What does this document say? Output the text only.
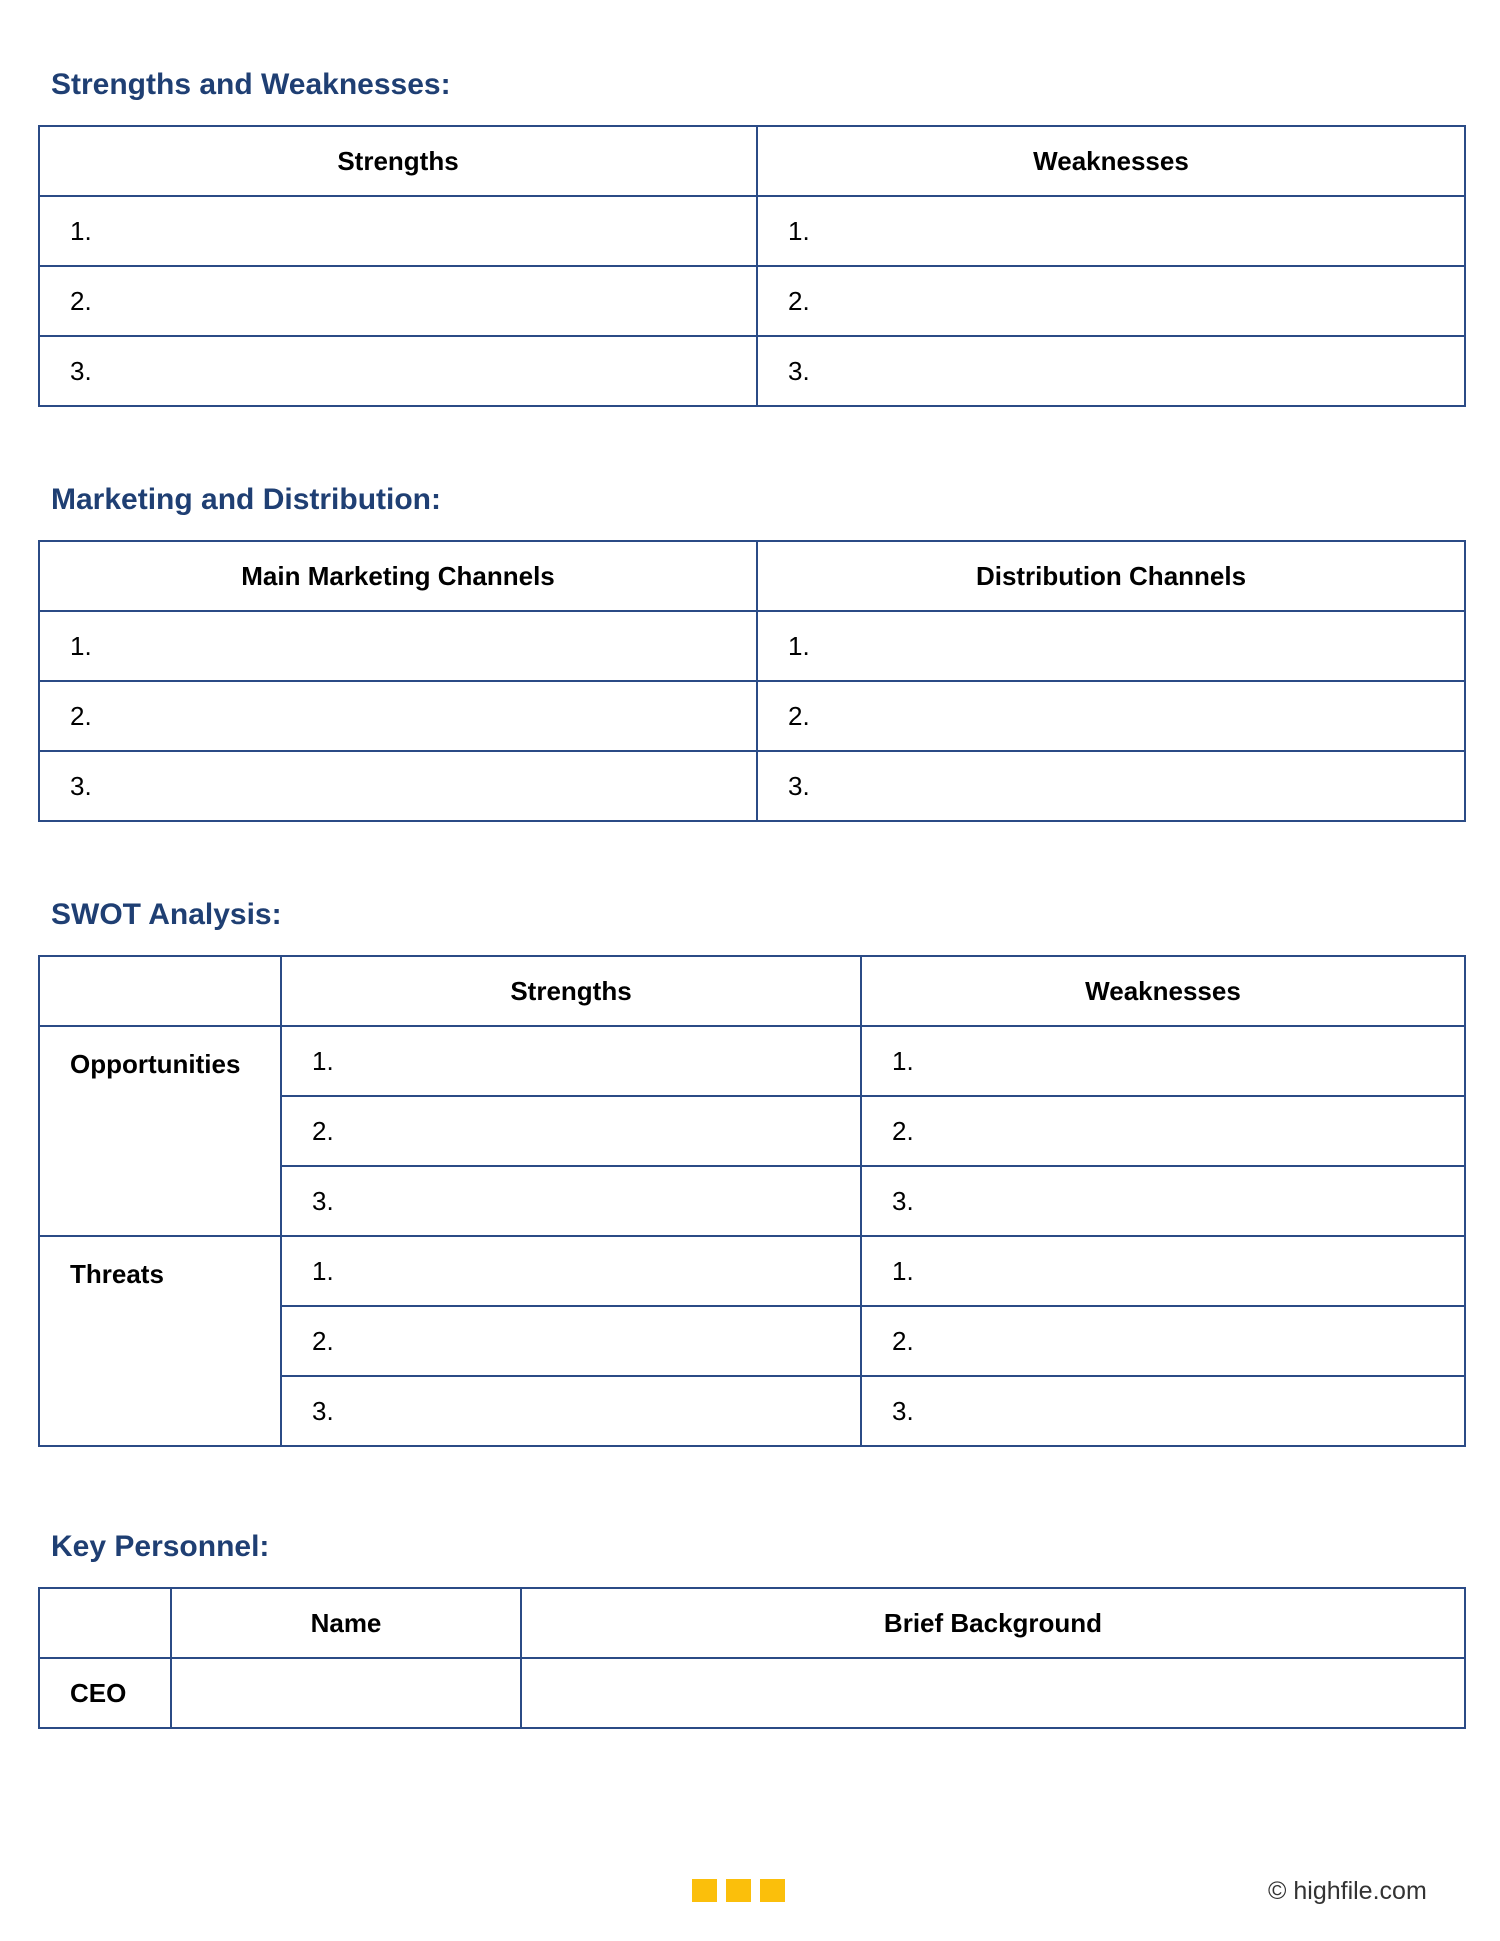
Strengths and Weaknesses:
Strengths	Weaknesses
1.	1.
2.	2.
3.	3.
Marketing and Distribution:
Main Marketing Channels	Distribution Channels
1.	1.
2.	2.
3.	3.
SWOT Analysis:
	Strengths	Weaknesses
Opportunities	1.	1.
	2.	2.
	3.	3.
Threats	1.	1.
	2.	2.
	3.	3.
Key Personnel:
	Name	Brief Background
CEO		
© highfile.com
